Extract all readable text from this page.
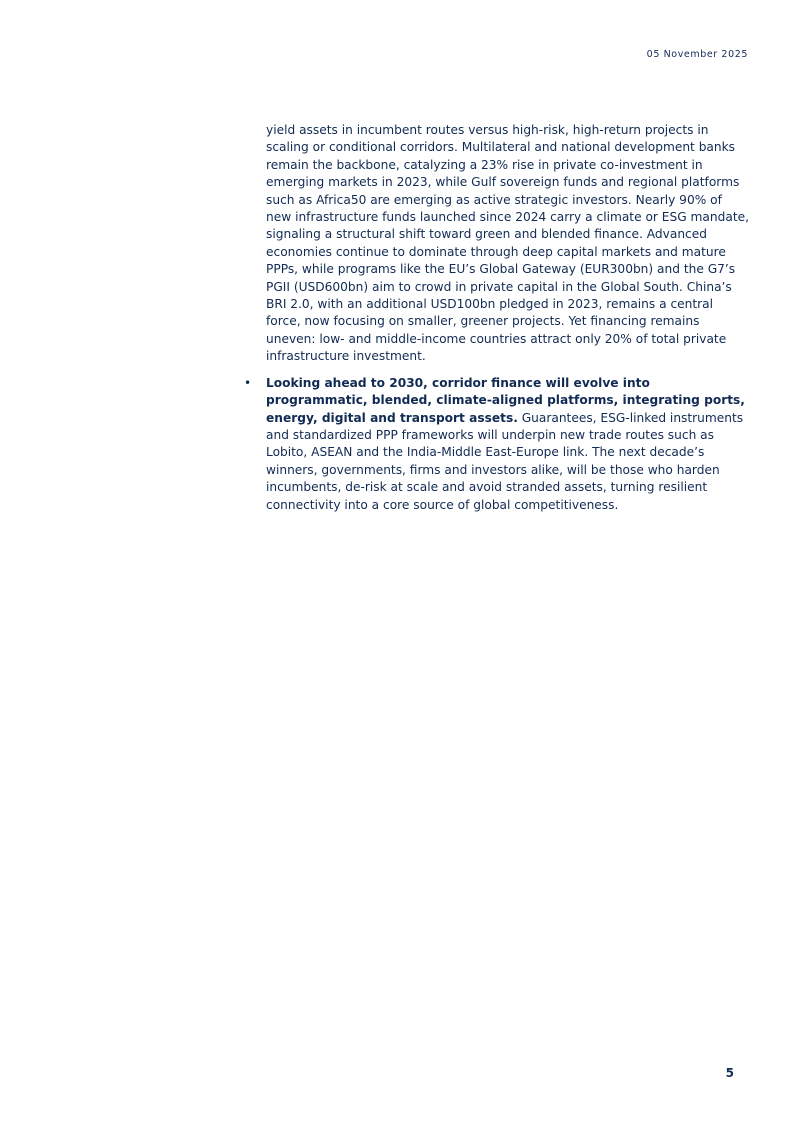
05 November 2025

yield assets in incumbent routes versus high-risk, high-return projects in scaling or conditional corridors. Multilateral and national development banks remain the backbone, catalyzing a 23% rise in private co-investment in emerging markets in 2023, while Gulf sovereign funds and regional platforms such as Africa50 are emerging as active strategic investors. Nearly 90% of new infrastructure funds launched since 2024 carry a climate or ESG mandate, signaling a structural shift toward green and blended finance. Advanced economies continue to dominate through deep capital markets and mature PPPs, while programs like the EU’s Global Gateway (EUR300bn) and the G7’s PGII (USD600bn) aim to crowd in private capital in the Global South. China’s BRI 2.0, with an additional USD100bn pledged in 2023, remains a central force, now focusing on smaller, greener projects. Yet financing remains uneven: low- and middle-income countries attract only 20% of total private infrastructure investment.

• Looking ahead to 2030, corridor finance will evolve into programmatic, blended, climate-aligned platforms, integrating ports, energy, digital and transport assets. Guarantees, ESG-linked instruments and standardized PPP frameworks will underpin new trade routes such as Lobito, ASEAN and the India-Middle East-Europe link. The next decade’s winners, governments, firms and investors alike, will be those who harden incumbents, de-risk at scale and avoid stranded assets, turning resilient connectivity into a core source of global competitiveness.

5
